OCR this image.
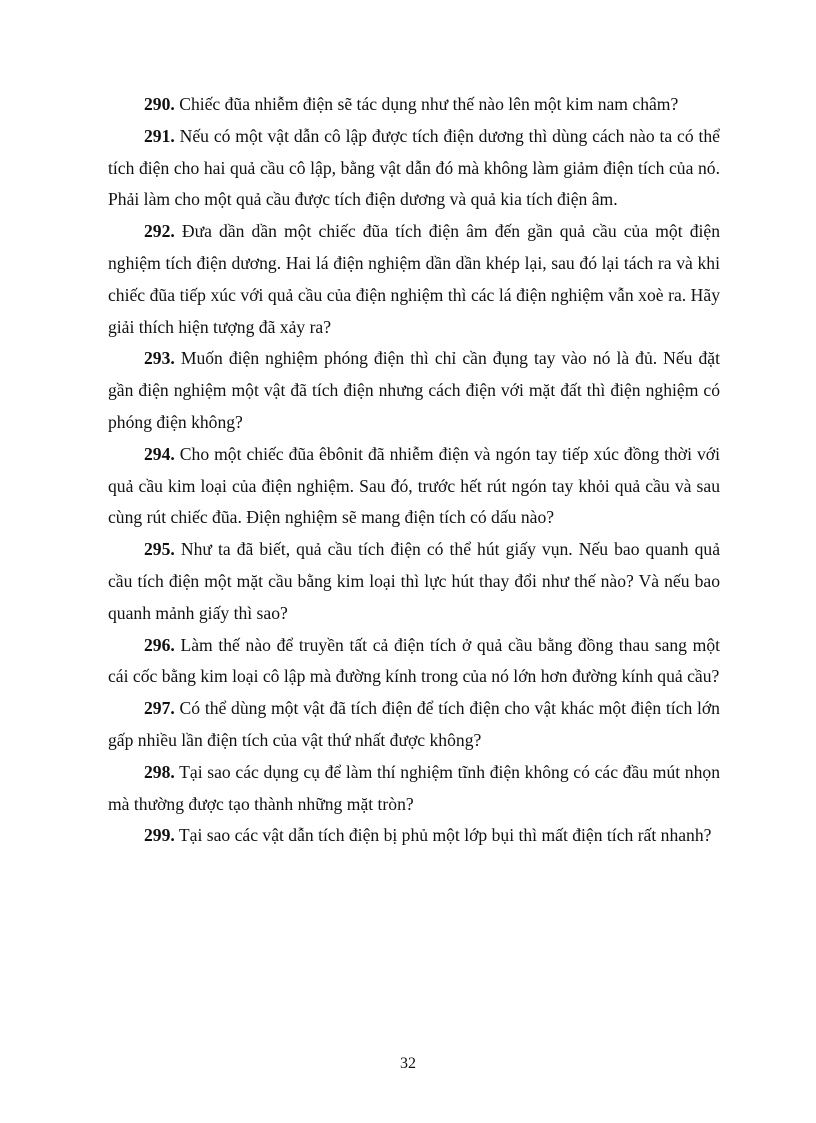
290. Chiếc đũa nhiễm điện sẽ tác dụng như thế nào lên một kim nam châm?

291. Nếu có một vật dẫn cô lập được tích điện dương thì dùng cách nào ta có thể tích điện cho hai quả cầu cô lập, bằng vật dẫn đó mà không làm giảm điện tích của nó. Phải làm cho một quả cầu được tích điện dương và quả kia tích điện âm.

292. Đưa dần dần một chiếc đũa tích điện âm đến gần quả cầu của một điện nghiệm tích điện dương. Hai lá điện nghiệm dần dần khép lại, sau đó lại tách ra và khi chiếc đũa tiếp xúc với quả cầu của điện nghiệm thì các lá điện nghiệm vẫn xoè ra. Hãy giải thích hiện tượng đã xảy ra?

293. Muốn điện nghiệm phóng điện thì chỉ cần đụng tay vào nó là đủ. Nếu đặt gần điện nghiệm một vật đã tích điện nhưng cách điện với mặt đất thì điện nghiệm có phóng điện không?

294. Cho một chiếc đũa êbônit đã nhiễm điện và ngón tay tiếp xúc đồng thời với quả cầu kim loại của điện nghiệm. Sau đó, trước hết rút ngón tay khỏi quả cầu và sau cùng rút chiếc đũa. Điện nghiệm sẽ mang điện tích có dấu nào?

295. Như ta đã biết, quả cầu tích điện có thể hút giấy vụn. Nếu bao quanh quả cầu tích điện một mặt cầu bằng kim loại thì lực hút thay đổi như thế nào? Và nếu bao quanh mảnh giấy thì sao?

296. Làm thế nào để truyền tất cả điện tích ở quả cầu bằng đồng thau sang một cái cốc bằng kim loại cô lập mà đường kính trong của nó lớn hơn đường kính quả cầu?

297. Có thể dùng một vật đã tích điện để tích điện cho vật khác một điện tích lớn gấp nhiều lần điện tích của vật thứ nhất được không?

298. Tại sao các dụng cụ để làm thí nghiệm tĩnh điện không có các đầu mút nhọn mà thường được tạo thành những mặt tròn?

299. Tại sao các vật dẫn tích điện bị phủ một lớp bụi thì mất điện tích rất nhanh?

32
